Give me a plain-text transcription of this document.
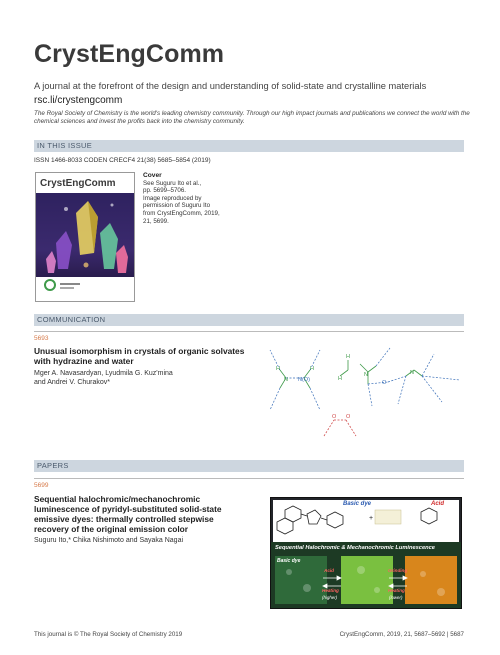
CrystEngComm
A journal at the forefront of the design and understanding of solid-state and crystalline materials
rsc.li/crystengcomm
The Royal Society of Chemistry is the world's leading chemistry community. Through our high impact journals and publications we connect the world with the chemical sciences and invest the profits back into the chemistry community.
IN THIS ISSUE
ISSN 1466-8033 CODEN CRECF4 21(38) 5685–5854 (2019)
CrystEngComm
Cover
See Suguru Ito et al.,
pp. 5699–5706.
Image reproduced by
permission of Suguru Ito
from CrystEngComm, 2019,
21, 5699.
COMMUNICATION
5693
Unusual isomorphism in crystals of organic solvates
with hydrazine and water
Mger A. Navasardyan, Lyudmila G. Kuz'mina
and Andrei V. Churakov*	N N(O)
H	H
N
O
N
H
H
O O
PAPERS
5699
Sequential halochromic/mechanochromic
luminescence of pyridyl-substituted solid-state
emissive dyes: thermally controlled stepwise
recovery of the original emission color
Suguru Ito,* Chika Nishimoto and Sayaka Nagai
+
Basic dye	Acid
Sequential Halochromic & Mechanochromic Luminescence
Basic dye
Acid
Heating
(higher)
Grinding
Heating
(lower)
This journal is © The Royal Society of Chemistry 2019	CrystEngComm, 2019, 21, 5687–5692 | 5687
